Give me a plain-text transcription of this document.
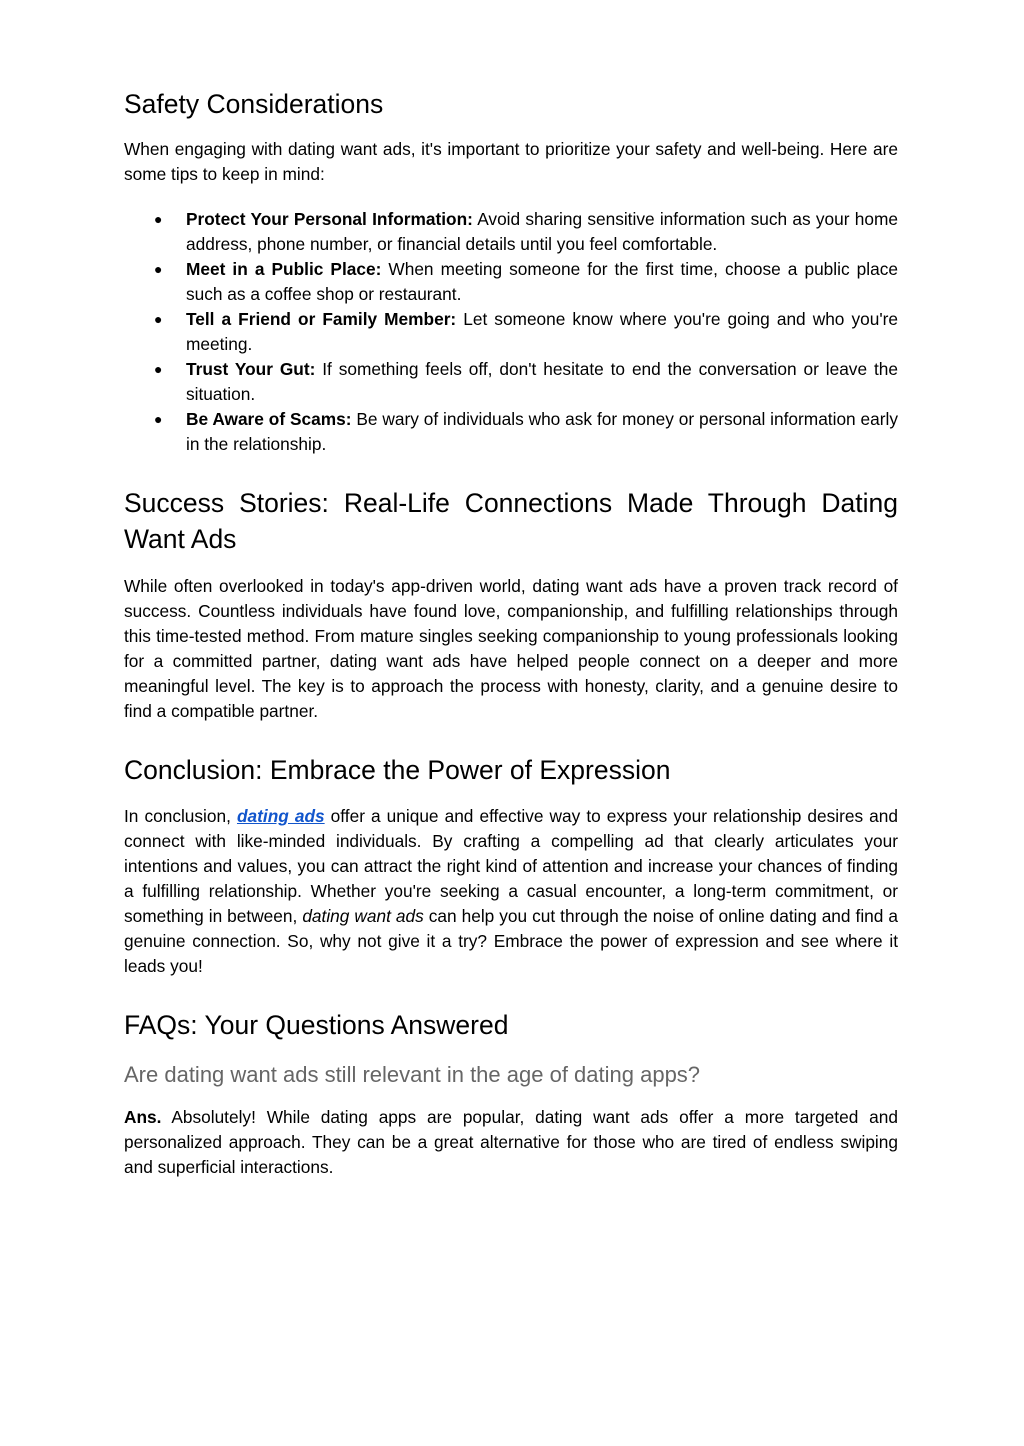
Safety Considerations

When engaging with dating want ads, it's important to prioritize your safety and well-being. Here are some tips to keep in mind:

● Protect Your Personal Information: Avoid sharing sensitive information such as your home address, phone number, or financial details until you feel comfortable.
● Meet in a Public Place: When meeting someone for the first time, choose a public place such as a coffee shop or restaurant.
● Tell a Friend or Family Member: Let someone know where you're going and who you're meeting.
● Trust Your Gut: If something feels off, don't hesitate to end the conversation or leave the situation.
● Be Aware of Scams: Be wary of individuals who ask for money or personal information early in the relationship.
Success Stories: Real-Life Connections Made Through Dating Want Ads

While often overlooked in today's app-driven world, dating want ads have a proven track record of success. Countless individuals have found love, companionship, and fulfilling relationships through this time-tested method. From mature singles seeking companionship to young professionals looking for a committed partner, dating want ads have helped people connect on a deeper and more meaningful level. The key is to approach the process with honesty, clarity, and a genuine desire to find a compatible partner.

Conclusion: Embrace the Power of Expression

In conclusion, dating ads offer a unique and effective way to express your relationship desires and connect with like-minded individuals. By crafting a compelling ad that clearly articulates your intentions and values, you can attract the right kind of attention and increase your chances of finding a fulfilling relationship. Whether you're seeking a casual encounter, a long-term commitment, or something in between, dating want ads can help you cut through the noise of online dating and find a genuine connection. So, why not give it a try? Embrace the power of expression and see where it leads you!

FAQs: Your Questions Answered
Are dating want ads still relevant in the age of dating apps?

Ans. Absolutely! While dating apps are popular, dating want ads offer a more targeted and personalized approach. They can be a great alternative for those who are tired of endless swiping and superficial interactions.
